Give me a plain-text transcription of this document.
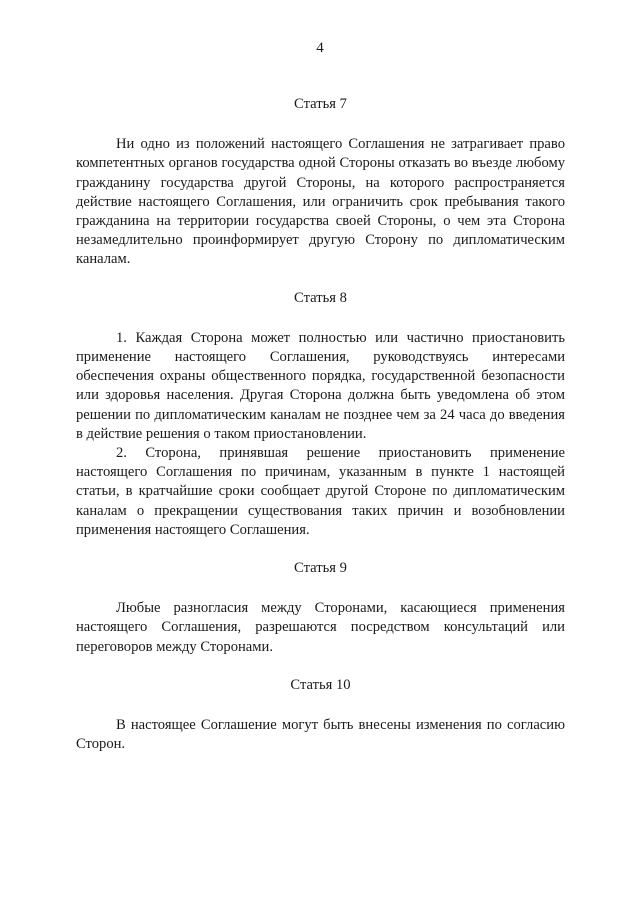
4
Статья 7

Ни одно из положений настоящего Соглашения не затрагивает право компетентных органов государства одной Стороны отказать во въезде любому гражданину государства другой Стороны, на которого распространяется действие настоящего Соглашения, или ограничить срок пребывания такого гражданина на территории государства своей Стороны, о чем эта Сторона незамедлительно проинформирует другую Сторону по дипломатическим каналам.

Статья 8

1. Каждая Сторона может полностью или частично приостановить применение настоящего Соглашения, руководствуясь интересами обеспечения охраны общественного порядка, государственной безопасности или здоровья населения. Другая Сторона должна быть уведомлена об этом решении по дипломатическим каналам не позднее чем за 24 часа до введения в действие решения о таком приостановлении.

2. Сторона, принявшая решение приостановить применение настоящего Соглашения по причинам, указанным в пункте 1 настоящей статьи, в кратчайшие сроки сообщает другой Стороне по дипломатическим каналам о прекращении существования таких причин и возобновлении применения настоящего Соглашения.

Статья 9

Любые разногласия между Сторонами, касающиеся применения настоящего Соглашения, разрешаются посредством консультаций или переговоров между Сторонами.

Статья 10

В настоящее Соглашение могут быть внесены изменения по согласию Сторон.
